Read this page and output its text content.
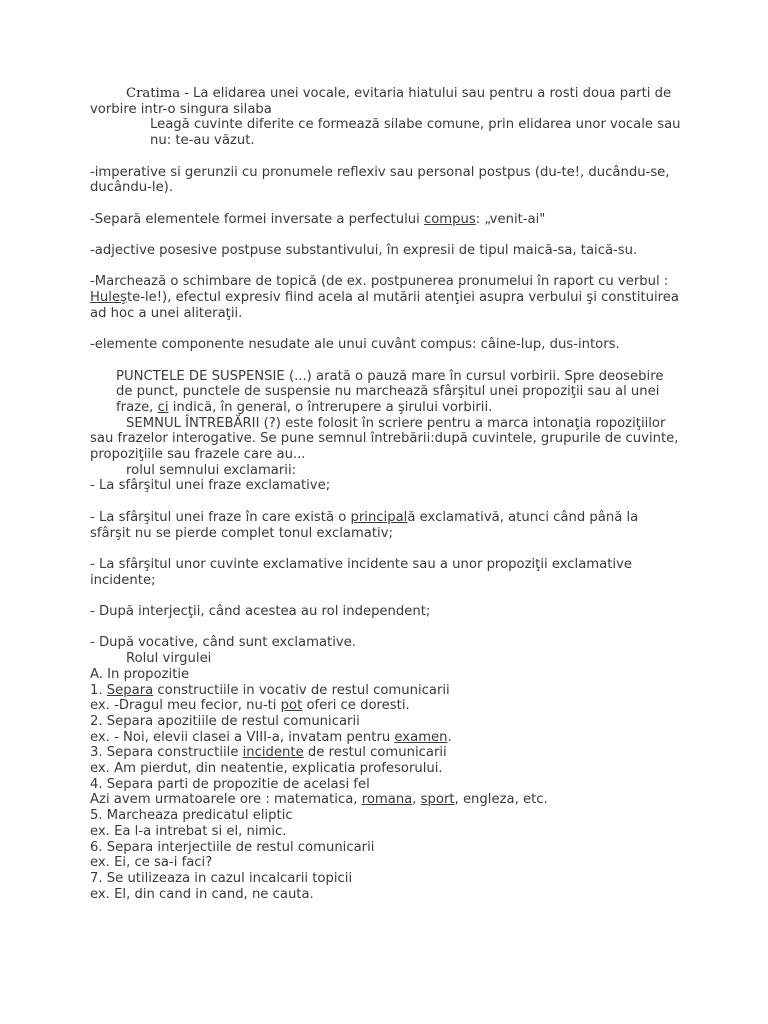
Cratima - La elidarea unei vocale, evitaria hiatului sau pentru a rosti doua parti de vorbire intr-o singura silaba

Leagă cuvinte diferite ce formează silabe comune, prin elidarea unor vocale sau nu: te-au văzut.

-imperative si gerunzii cu pronumele reflexiv sau personal postpus (du-te!, ducându-se, ducându-le).

-Separă elementele formei inversate a perfectului compus: „venit-ai"

-adjective posesive postpuse substantivului, în expresii de tipul maică-sa, taică-su.

-Marchează o schimbare de topică (de ex. postpunerea pronumelui în raport cu verbul : Huleşte-le!), efectul expresiv fiind acela al mutării atenţiei asupra verbului şi constituirea ad hoc a unei aliteraţii.

-elemente componente nesudate ale unui cuvânt compus: câine-lup, dus-intors.

PUNCTELE DE SUSPENSIE (...) arată o pauză mare în cursul vorbirii. Spre deosebire de punct, punctele de suspensie nu marchează sfârşitul unei propoziţii sau al unei fraze, ci indică, în general, o întrerupere a şirului vorbirii.

SEMNUL ÎNTREBĂRII (?) este folosit în scriere pentru a marca intonaţia ropoziţiilor sau frazelor interogative. Se pune semnul întrebării:după cuvintele, grupurile de cuvinte, propoziţiile sau frazele care au...

rolul semnului exclamarii:

- La sfârşitul unei fraze exclamative;

- La sfârşitul unei fraze în care există o principală exclamativă, atunci când până la sfârşit nu se pierde complet tonul exclamativ;

- La sfârşitul unor cuvinte exclamative incidente sau a unor propoziţii exclamative incidente;

- După interjecţii, când acestea au rol independent;

- După vocative, când sunt exclamative.

Rolul virgulei

A. In propozitie

1. Separa constructiile in vocativ de restul comunicarii

ex. -Dragul meu fecior, nu-ti pot oferi ce doresti.

2. Separa apozitiile de restul comunicarii

ex. - Noi, elevii clasei a VIII-a, invatam pentru examen.

3. Separa constructiile incidente de restul comunicarii

ex. Am pierdut, din neatentie, explicatia profesorului.

4. Separa parti de propozitie de acelasi fel

Azi avem urmatoarele ore : matematica, romana, sport, engleza, etc.

5. Marcheaza predicatul eliptic

ex. Ea l-a intrebat si el, nimic.

6. Separa interjectiile de restul comunicarii

ex. Ei, ce sa-i faci?

7. Se utilizeaza in cazul incalcarii topicii

ex. El, din cand in cand, ne cauta.
